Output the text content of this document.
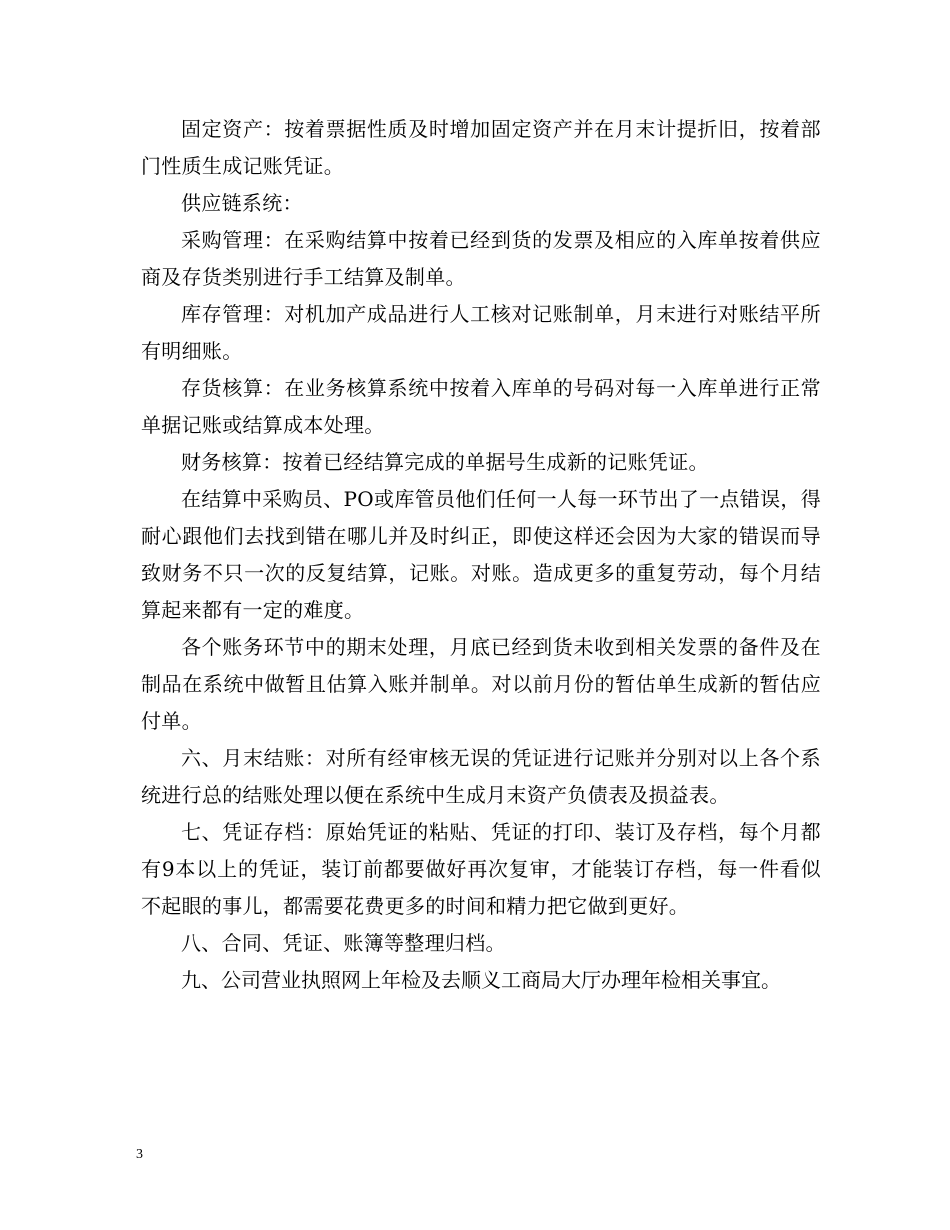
固定资产：按着票据性质及时增加固定资产并在月末计提折旧，按着部门性质生成记账凭证。

供应链系统：

采购管理：在采购结算中按着已经到货的发票及相应的入库单按着供应商及存货类别进行手工结算及制单。

库存管理：对机加产成品进行人工核对记账制单，月末进行对账结平所有明细账。

存货核算：在业务核算系统中按着入库单的号码对每一入库单进行正常单据记账或结算成本处理。

财务核算：按着已经结算完成的单据号生成新的记账凭证。

在结算中采购员、PO或库管员他们任何一人每一环节出了一点错误，得耐心跟他们去找到错在哪儿并及时纠正，即使这样还会因为大家的错误而导致财务不只一次的反复结算，记账。对账。造成更多的重复劳动，每个月结算起来都有一定的难度。

各个账务环节中的期末处理，月底已经到货未收到相关发票的备件及在制品在系统中做暂且估算入账并制单。对以前月份的暂估单生成新的暂估应付单。

六、月末结账：对所有经审核无误的凭证进行记账并分别对以上各个系统进行总的结账处理以便在系统中生成月末资产负债表及损益表。

七、凭证存档：原始凭证的粘贴、凭证的打印、装订及存档，每个月都有9本以上的凭证，装订前都要做好再次复审，才能装订存档，每一件看似不起眼的事儿，都需要花费更多的时间和精力把它做到更好。

八、合同、凭证、账簿等整理归档。

九、公司营业执照网上年检及去顺义工商局大厅办理年检相关事宜。

3
